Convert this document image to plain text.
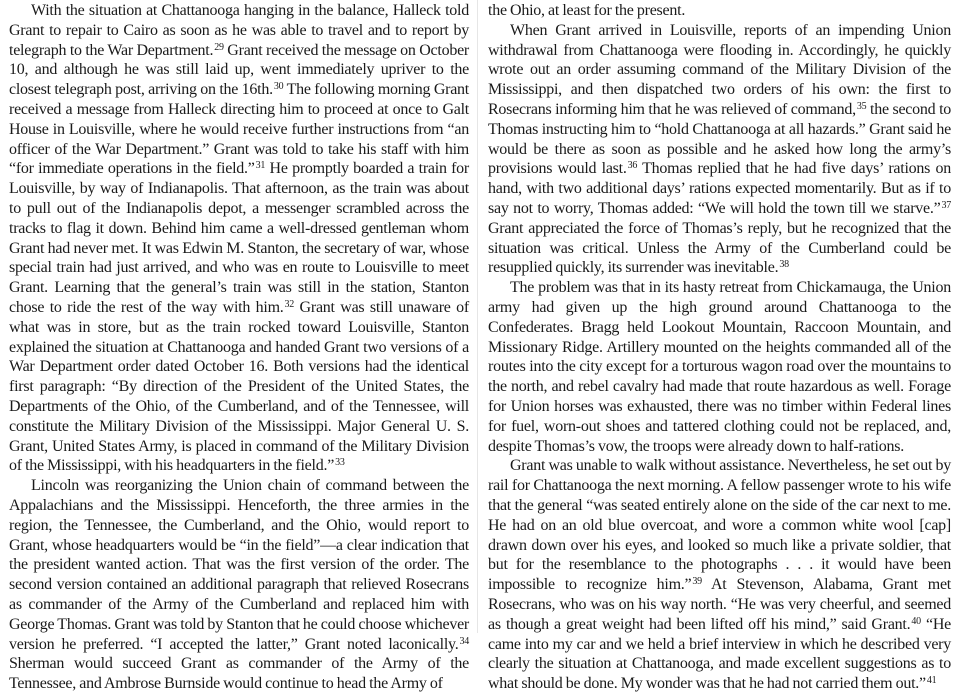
With the situation at Chattanooga hanging in the balance, Halleck told Grant to repair to Cairo as soon as he was able to travel and to report by telegraph to the War Department.$^{29}$ Grant received the message on October 10, and although he was still laid up, went immediately upriver to the closest telegraph post, arriving on the 16th.$^{30}$ The following morning Grant received a message from Halleck directing him to proceed at once to Galt House in Louisville, where he would receive further instructions from “an officer of the War Department.” Grant was told to take his staff with him “for immediate operations in the field.”$^{31}$ He promptly boarded a train for Louisville, by way of Indianapolis. That afternoon, as the train was about to pull out of the Indianapolis depot, a messenger scrambled across the tracks to flag it down. Behind him came a well-dressed gentleman whom Grant had never met. It was Edwin M. Stanton, the secretary of war, whose special train had just arrived, and who was en route to Louisville to meet Grant. Learning that the general’s train was still in the station, Stanton chose to ride the rest of the way with him.$^{32}$ Grant was still unaware of what was in store, but as the train rocked toward Louisville, Stanton explained the situation at Chattanooga and handed Grant two versions of a War Department order dated October 16. Both versions had the identical first paragraph: “By direction of the President of the United States, the Departments of the Ohio, of the Cumberland, and of the Tennessee, will constitute the Military Division of the Mississippi. Major General U. S. Grant, United States Army, is placed in command of the Military Division of the Mississippi, with his headquarters in the field.”$^{33}$

Lincoln was reorganizing the Union chain of command between the Appalachians and the Mississippi. Henceforth, the three armies in the region, the Tennessee, the Cumberland, and the Ohio, would report to Grant, whose headquarters would be “in the field”—a clear indication that the president wanted action. That was the first version of the order. The second version contained an additional paragraph that relieved Rosecrans as commander of the Army of the Cumberland and replaced him with George Thomas. Grant was told by Stanton that he could choose whichever version he preferred. “I accepted the latter,” Grant noted laconically.$^{34}$ Sherman would succeed Grant as commander of the Army of the Tennessee, and Ambrose Burnside would continue to head the Army of

the Ohio, at least for the present.

When Grant arrived in Louisville, reports of an impending Union withdrawal from Chattanooga were flooding in. Accordingly, he quickly wrote out an order assuming command of the Military Division of the Mississippi, and then dispatched two orders of his own: the first to Rosecrans informing him that he was relieved of command,$^{35}$ the second to Thomas instructing him to “hold Chattanooga at all hazards.” Grant said he would be there as soon as possible and he asked how long the army’s provisions would last.$^{36}$ Thomas replied that he had five days’ rations on hand, with two additional days’ rations expected momentarily. But as if to say not to worry, Thomas added: “We will hold the town till we starve.”$^{37}$ Grant appreciated the force of Thomas’s reply, but he recognized that the situation was critical. Unless the Army of the Cumberland could be resupplied quickly, its surrender was inevitable.$^{38}$

The problem was that in its hasty retreat from Chickamauga, the Union army had given up the high ground around Chattanooga to the Confederates. Bragg held Lookout Mountain, Raccoon Mountain, and Missionary Ridge. Artillery mounted on the heights commanded all of the routes into the city except for a torturous wagon road over the mountains to the north, and rebel cavalry had made that route hazardous as well. Forage for Union horses was exhausted, there was no timber within Federal lines for fuel, worn-out shoes and tattered clothing could not be replaced, and, despite Thomas’s vow, the troops were already down to half-rations.

Grant was unable to walk without assistance. Nevertheless, he set out by rail for Chattanooga the next morning. A fellow passenger wrote to his wife that the general “was seated entirely alone on the side of the car next to me. He had on an old blue overcoat, and wore a common white wool [cap] drawn down over his eyes, and looked so much like a private soldier, that but for the resemblance to the photographs . . . it would have been impossible to recognize him.”$^{39}$ At Stevenson, Alabama, Grant met Rosecrans, who was on his way north. “He was very cheerful, and seemed as though a great weight had been lifted off his mind,” said Grant.$^{40}$ “He came into my car and we held a brief interview in which he described very clearly the situation at Chattanooga, and made excellent suggestions as to what should be done. My wonder was that he had not carried them out.”$^{41}$
